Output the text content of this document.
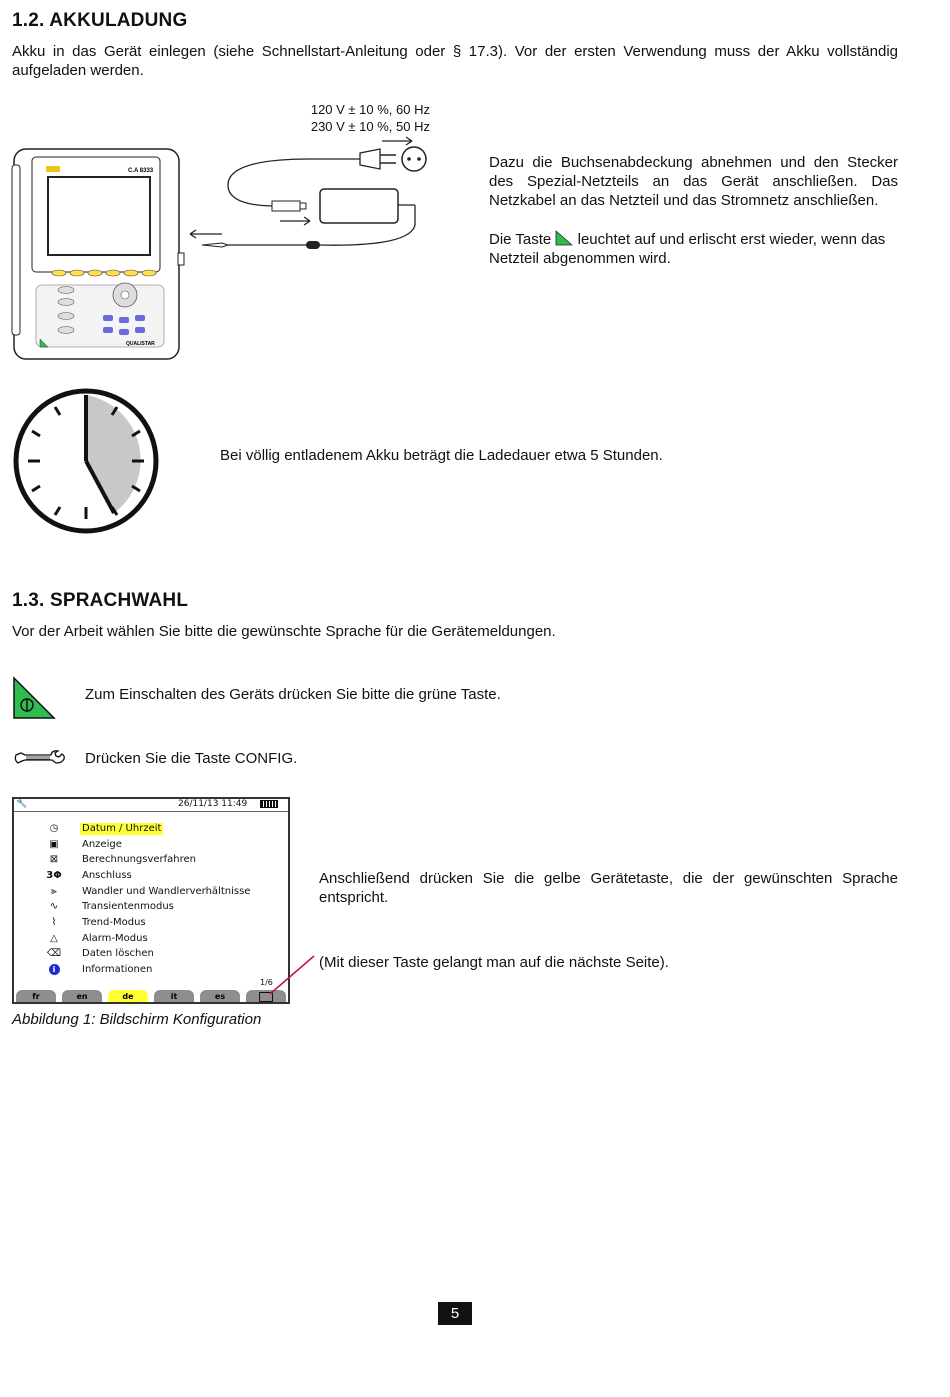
1.2. AKKULADUNG

Akku in das Gerät einlegen (siehe Schnellstart-Anleitung oder § 17.3). Vor der ersten Verwendung muss der Akku vollständig aufgeladen werden.

120 V ± 10 %, 60 Hz
230 V ± 10 %, 50 Hz
C.A 8333
QUALISTAR

Dazu die Buchsenabdeckung abnehmen und den Stecker des Spezial-Netzteils an das Gerät anschließen. Das Netzkabel an das Netzteil und das Stromnetz anschließen.

Die Taste leuchtet auf und erlischt erst wieder, wenn das Netzteil abgenommen wird.

Bei völlig entladenem Akku beträgt die Ladedauer etwa 5 Stunden.

1.3. SPRACHWAHL

Vor der Arbeit wählen Sie bitte die gewünschte Sprache für die Gerätemeldungen.

Zum Einschalten des Geräts drücken Sie bitte die grüne Taste.

Drücken Sie die Taste CONFIG.

🔧	26/11/13 11:49
◷	Datum / Uhrzeit
▣	Anzeige
⊠	Berechnungsverfahren
3Φ Anschluss
⫸	Wandler und Wandlerverhältnisse
∿	Transientenmodus
⌇	Trend-Modus
△	Alarm-Modus
⌫ Daten löschen
i	Informationen
1/6
fr	en	de	it	es

Abbildung 1: Bildschirm Konfiguration

Anschließend drücken Sie die gelbe Gerätetaste, die der gewünschten Sprache entspricht.

(Mit dieser Taste gelangt man auf die nächste Seite).

5
